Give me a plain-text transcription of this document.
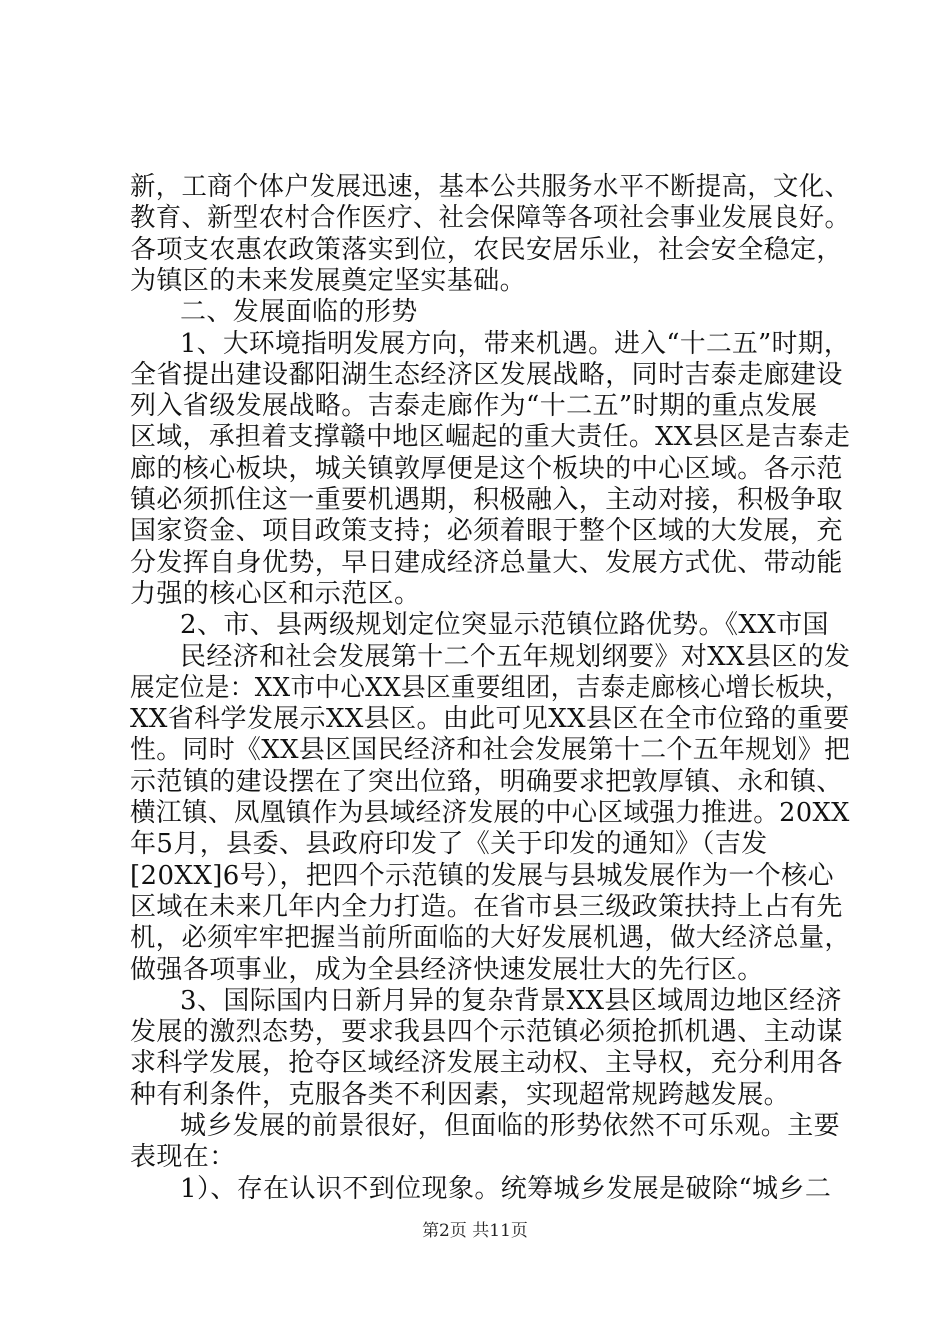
新，工商个体户发展迅速，基本公共服务水平不断提高，文化、
教育、新型农村合作医疗、社会保障等各项社会事业发展良好。
各项支农惠农政策落实到位，农民安居乐业，社会安全稳定，
为镇区的未来发展奠定坚实基础。
二、发展面临的形势
1、大环境指明发展方向，带来机遇。进入“十二五”时期，
全省提出建设鄱阳湖生态经济区发展战略，同时吉泰走廊建设
列入省级发展战略。吉泰走廊作为“十二五”时期的重点发展
区域，承担着支撑赣中地区崛起的重大责任。XX县区是吉泰走
廊的核心板块，城关镇敦厚便是这个板块的中心区域。各示范
镇必须抓住这一重要机遇期，积极融入，主动对接，积极争取
国家资金、项目政策支持；必须着眼于整个区域的大发展，充
分发挥自身优势，早日建成经济总量大、发展方式优、带动能
力强的核心区和示范区。
2、市、县两级规划定位突显示范镇位路优势。《XX市国
民经济和社会发展第十二个五年规划纲要》对XX县区的发
展定位是：XX市中心XX县区重要组团，吉泰走廊核心增长板块，
XX省科学发展示XX县区。由此可见XX县区在全市位臵的重要
性。同时《XX县区国民经济和社会发展第十二个五年规划》把
示范镇的建设摆在了突出位臵，明确要求把敦厚镇、永和镇、
横江镇、凤凰镇作为县域经济发展的中心区域强力推进。20XX
年5月，县委、县政府印发了《关于印发的通知》（吉发
[20XX]6号），把四个示范镇的发展与县城发展作为一个核心
区域在未来几年内全力打造。在省市县三级政策扶持上占有先
机，必须牢牢把握当前所面临的大好发展机遇，做大经济总量，
做强各项事业，成为全县经济快速发展壮大的先行区。
3、国际国内日新月异的复杂背景XX县区域周边地区经济
发展的激烈态势，要求我县四个示范镇必须抢抓机遇、主动谋
求科学发展，抢夺区域经济发展主动权、主导权，充分利用各
种有利条件，克服各类不利因素，实现超常规跨越发展。
城乡发展的前景很好，但面临的形势依然不可乐观。主要
表现在：
1）、存在认识不到位现象。统筹城乡发展是破除“城乡二
第2页 共11页
